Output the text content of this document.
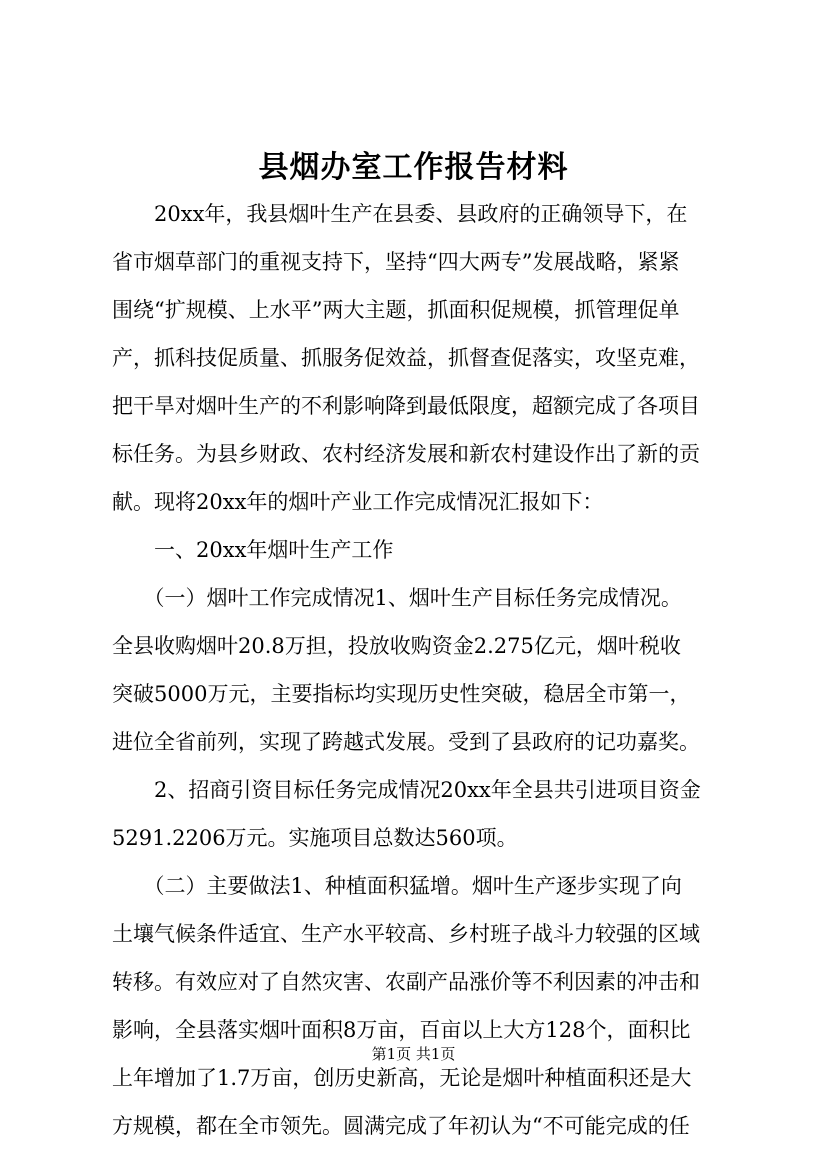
县烟办室工作报告材料
　　20xx年，我县烟叶生产在县委、县政府的正确领导下，在
省市烟草部门的重视支持下，坚持“四大两专”发展战略，紧紧
围绕“扩规模、上水平”两大主题，抓面积促规模，抓管理促单
产，抓科技促质量、抓服务促效益，抓督查促落实，攻坚克难，
把干旱对烟叶生产的不利影响降到最低限度，超额完成了各项目
标任务。为县乡财政、农村经济发展和新农村建设作出了新的贡
献。现将20xx年的烟叶产业工作完成情况汇报如下：
　　一、20xx年烟叶生产工作
　　（一）烟叶工作完成情况1、烟叶生产目标任务完成情况。
全县收购烟叶20.8万担，投放收购资金2.275亿元，烟叶税收
突破5000万元，主要指标均实现历史性突破，稳居全市第一，
进位全省前列，实现了跨越式发展。受到了县政府的记功嘉奖。
　　2、招商引资目标任务完成情况20xx年全县共引进项目资金
5291.2206万元。实施项目总数达560项。
　　（二）主要做法1、种植面积猛增。烟叶生产逐步实现了向
土壤气候条件适宜、生产水平较高、乡村班子战斗力较强的区域
转移。有效应对了自然灾害、农副产品涨价等不利因素的冲击和
影响，全县落实烟叶面积8万亩，百亩以上大方128个，面积比
上年增加了1.7万亩，创历史新高，无论是烟叶种植面积还是大
方规模，都在全市领先。圆满完成了年初认为“不可能完成的任
第1页 共1页
